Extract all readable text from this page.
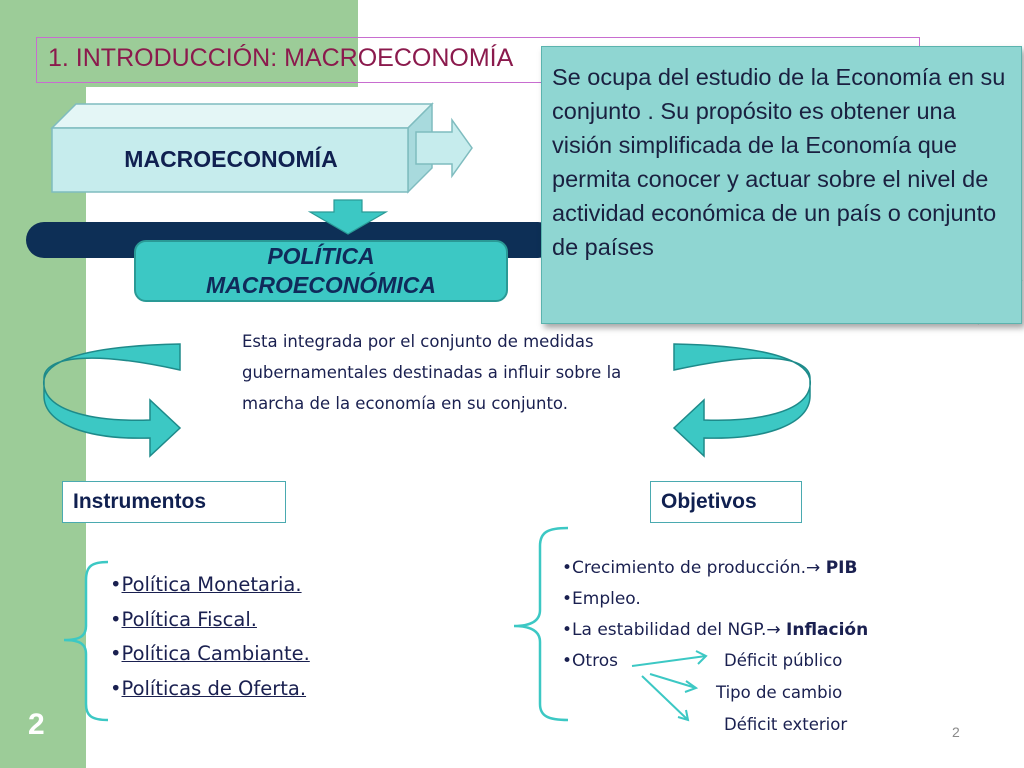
1. INTRODUCCIÓN: MACROECONOMÍA
MACROECONOMÍA
POLÍTICA
MACROECONÓMICA
Se ocupa del estudio de la Economía en su conjunto . Su propósito es obtener una visión simplificada de la Economía que permita conocer y actuar sobre el nivel de actividad económica de un país o conjunto de países
Esta integrada por el conjunto de medidas gubernamentales destinadas a influir sobre la marcha de la economía en su conjunto.
Instrumentos	Objetivos
•Política Monetaria.
•Política Fiscal.
•Política Cambiante.
•Políticas de Oferta.
•Crecimiento de producción.→ PIB
•Empleo.
•La estabilidad del NGP.→ Inflación
•Otros	Déficit público
Tipo de cambio
Déficit exterior
2	2
